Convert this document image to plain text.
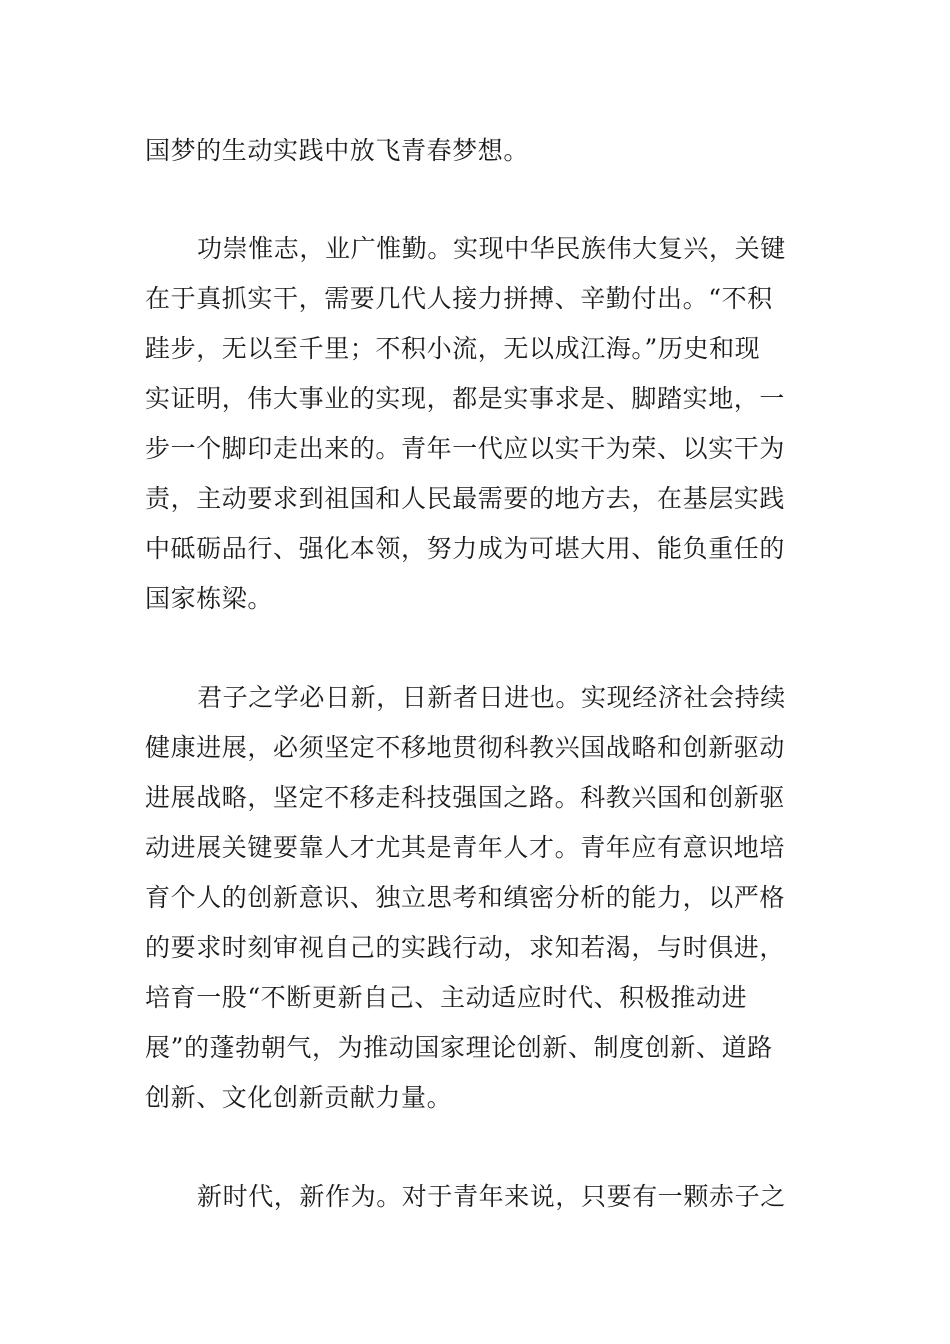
国梦的生动实践中放飞青春梦想。
功崇惟志，业广惟勤。实现中华民族伟大复兴，关键
在于真抓实干，需要几代人接力拼搏、辛勤付出。“不积
跬步，无以至千里；不积小流，无以成江海。”历史和现
实证明，伟大事业的实现，都是实事求是、脚踏实地，一
步一个脚印走出来的。青年一代应以实干为荣、以实干为
责，主动要求到祖国和人民最需要的地方去，在基层实践
中砥砺品行、强化本领，努力成为可堪大用、能负重任的
国家栋梁。
君子之学必日新，日新者日进也。实现经济社会持续
健康进展，必须坚定不移地贯彻科教兴国战略和创新驱动
进展战略，坚定不移走科技强国之路。科教兴国和创新驱
动进展关键要靠人才尤其是青年人才。青年应有意识地培
育个人的创新意识、独立思考和缜密分析的能力，以严格
的要求时刻审视自己的实践行动，求知若渴，与时俱进，
培育一股“不断更新自己、主动适应时代、积极推动进
展”的蓬勃朝气，为推动国家理论创新、制度创新、道路
创新、文化创新贡献力量。
新时代，新作为。对于青年来说，只要有一颗赤子之
